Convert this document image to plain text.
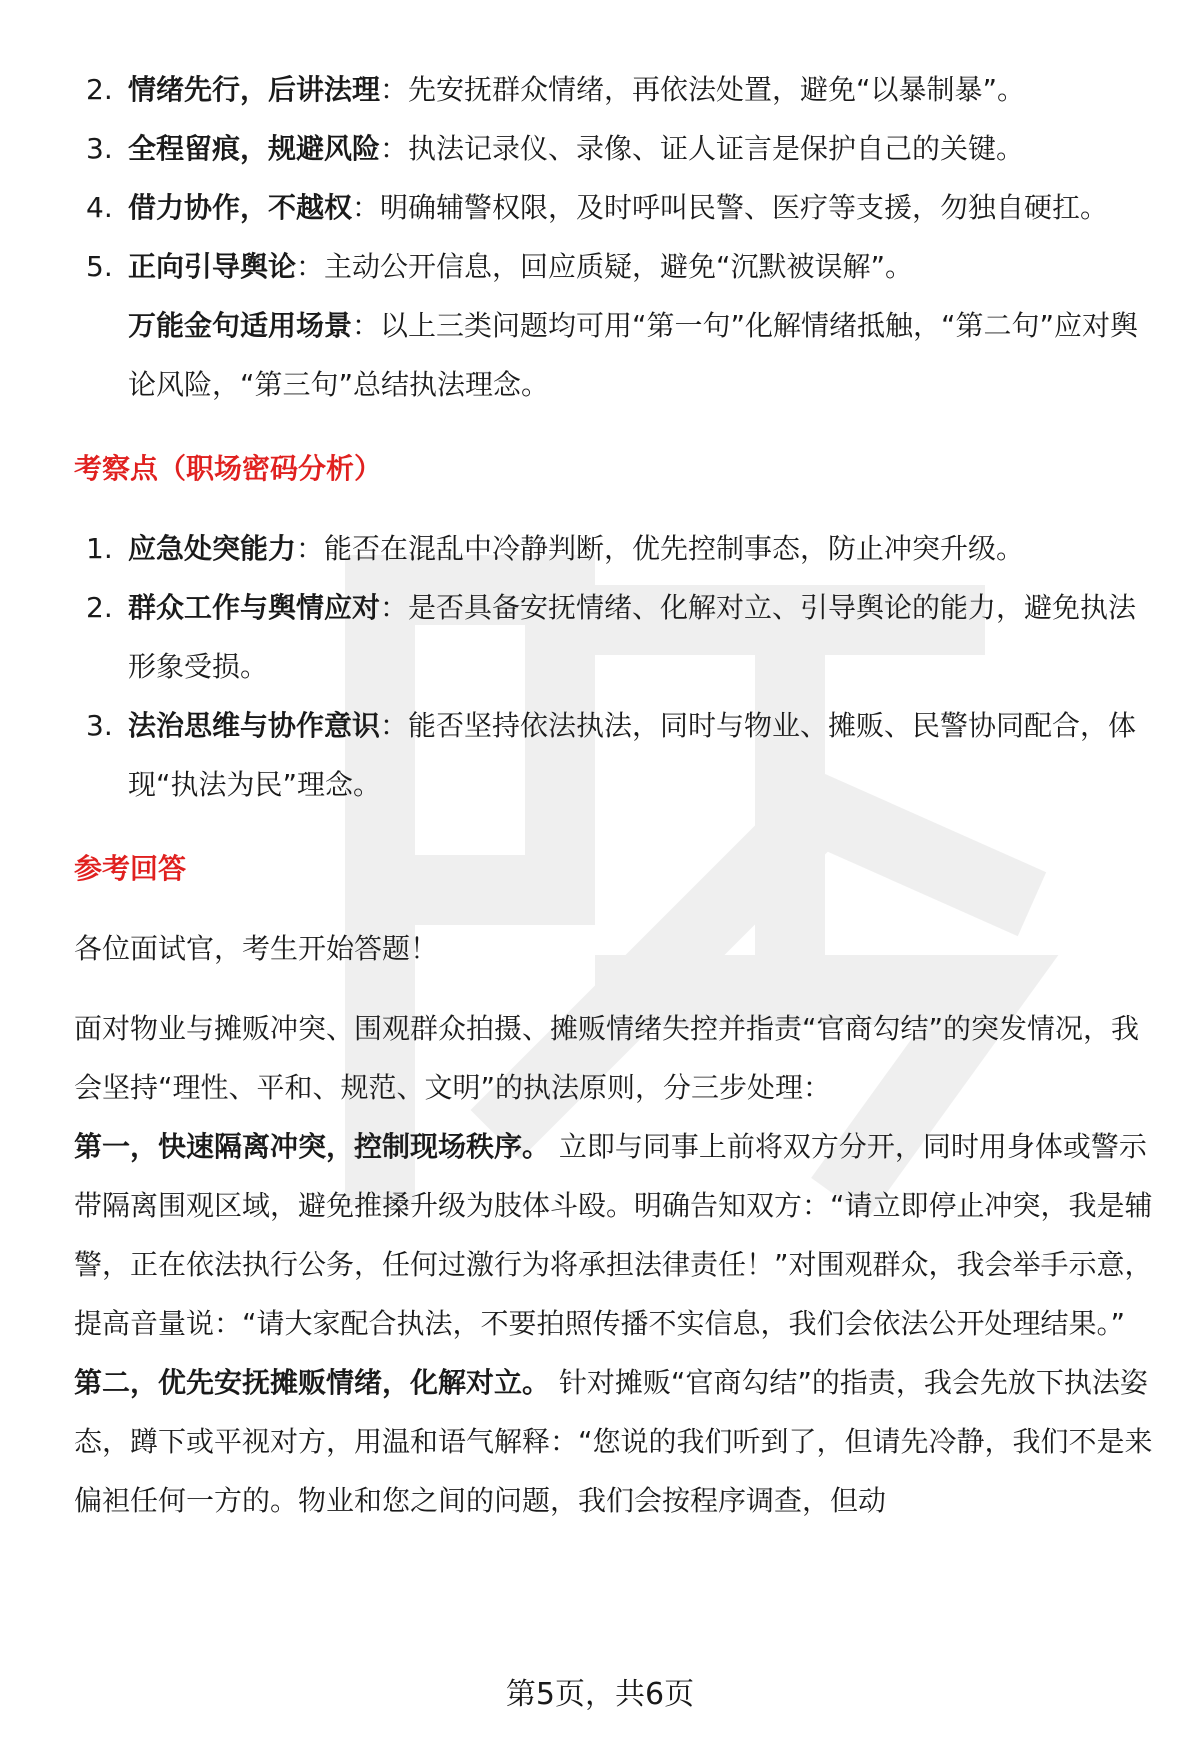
2. 情绪先行，后讲法理：先安抚群众情绪，再依法处置，避免“以暴制暴”。
3. 全程留痕，规避风险：执法记录仪、录像、证人证言是保护自己的关键。
4. 借力协作，不越权：明确辅警权限，及时呼叫民警、医疗等支援，勿独自硬扛。
5. 正向引导舆论：主动公开信息，回应质疑，避免“沉默被误解”。

万能金句适用场景：以上三类问题均可用“第一句”化解情绪抵触，“第二句”应对舆论风险，“第三句”总结执法理念。

考察点（职场密码分析）
1. 应急处突能力：能否在混乱中冷静判断，优先控制事态，防止冲突升级。
2. 群众工作与舆情应对：是否具备安抚情绪、化解对立、引导舆论的能力，避免执法形象受损。
3. 法治思维与协作意识：能否坚持依法执法，同时与物业、摊贩、民警协同配合，体现“执法为民”理念。
参考回答

各位面试官，考生开始答题！

面对物业与摊贩冲突、围观群众拍摄、摊贩情绪失控并指责“官商勾结”的突发情况，我会坚持“理性、平和、规范、文明”的执法原则，分三步处理：

第一，快速隔离冲突，控制现场秩序。 立即与同事上前将双方分开，同时用身体或警示带隔离围观区域，避免推搡升级为肢体斗殴。明确告知双方：“请立即停止冲突，我是辅警，正在依法执行公务，任何过激行为将承担法律责任！”对围观群众，我会举手示意，提高音量说：“请大家配合执法，不要拍照传播不实信息，我们会依法公开处理结果。”

第二，优先安抚摊贩情绪，化解对立。 针对摊贩“官商勾结”的指责，我会先放下执法姿态，蹲下或平视对方，用温和语气解释：“您说的我们听到了，但请先冷静，我们不是来偏袒任何一方的。物业和您之间的问题，我们会按程序调查，但动

第5页，共6页
